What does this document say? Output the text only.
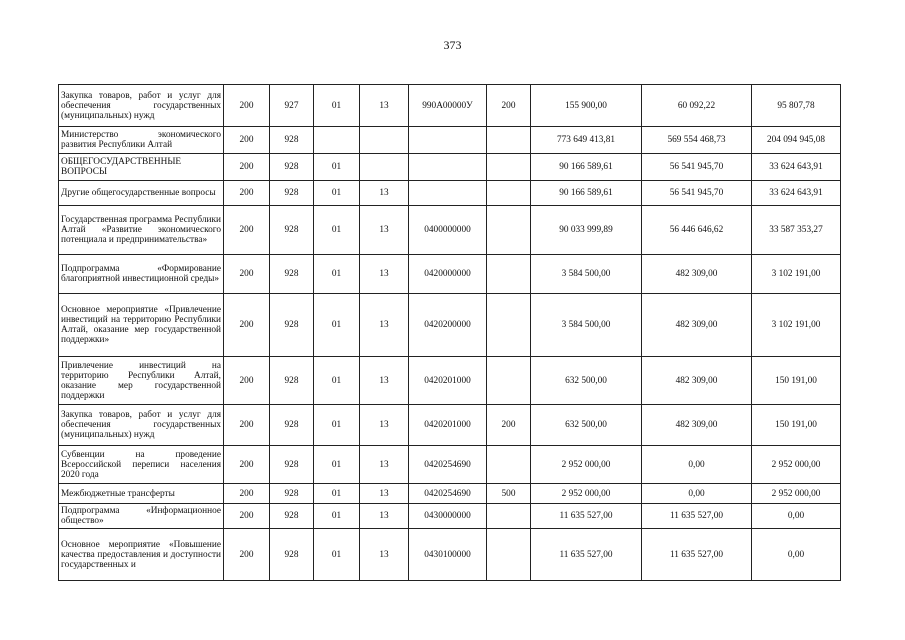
373
Закупка товаров, работ и услуг для обеспечения государственных (муниципальных) нужд	200	927	01	13	990А00000У	200	155 900,00	60 092,22	95 807,78
Министерство экономического развития Республики Алтай	200	928					773 649 413,81	569 554 468,73	204 094 945,08
ОБЩЕГОСУДАРСТВЕННЫЕ ВОПРОСЫ	200	928	01				90 166 589,61	56 541 945,70	33 624 643,91
Другие общегосударственные вопросы	200	928	01	13			90 166 589,61	56 541 945,70	33 624 643,91
Государственная программа Республики Алтай «Развитие экономического потенциала и предпринимательства»	200	928	01	13	0400000000		90 033 999,89	56 446 646,62	33 587 353,27
Подпрограмма «Формирование благоприятной инвестиционной среды»	200	928	01	13	0420000000		3 584 500,00	482 309,00	3 102 191,00
Основное мероприятие «Привлечение инвестиций на территорию Республики Алтай, оказание мер государственной поддержки»	200	928	01	13	0420200000		3 584 500,00	482 309,00	3 102 191,00
Привлечение инвестиций на территорию Республики Алтай, оказание мер государственной поддержки	200	928	01	13	0420201000		632 500,00	482 309,00	150 191,00
Закупка товаров, работ и услуг для обеспечения государственных (муниципальных) нужд	200	928	01	13	0420201000	200	632 500,00	482 309,00	150 191,00
Субвенции на проведение Всероссийской переписи населения 2020 года	200	928	01	13	0420254690		2 952 000,00	0,00	2 952 000,00
Межбюджетные трансферты	200	928	01	13	0420254690	500	2 952 000,00	0,00	2 952 000,00
Подпрограмма «Информационное общество»	200	928	01	13	0430000000		11 635 527,00	11 635 527,00	0,00
Основное мероприятие «Повышение качества предоставления и доступности государственных и	200	928	01	13	0430100000		11 635 527,00	11 635 527,00	0,00
